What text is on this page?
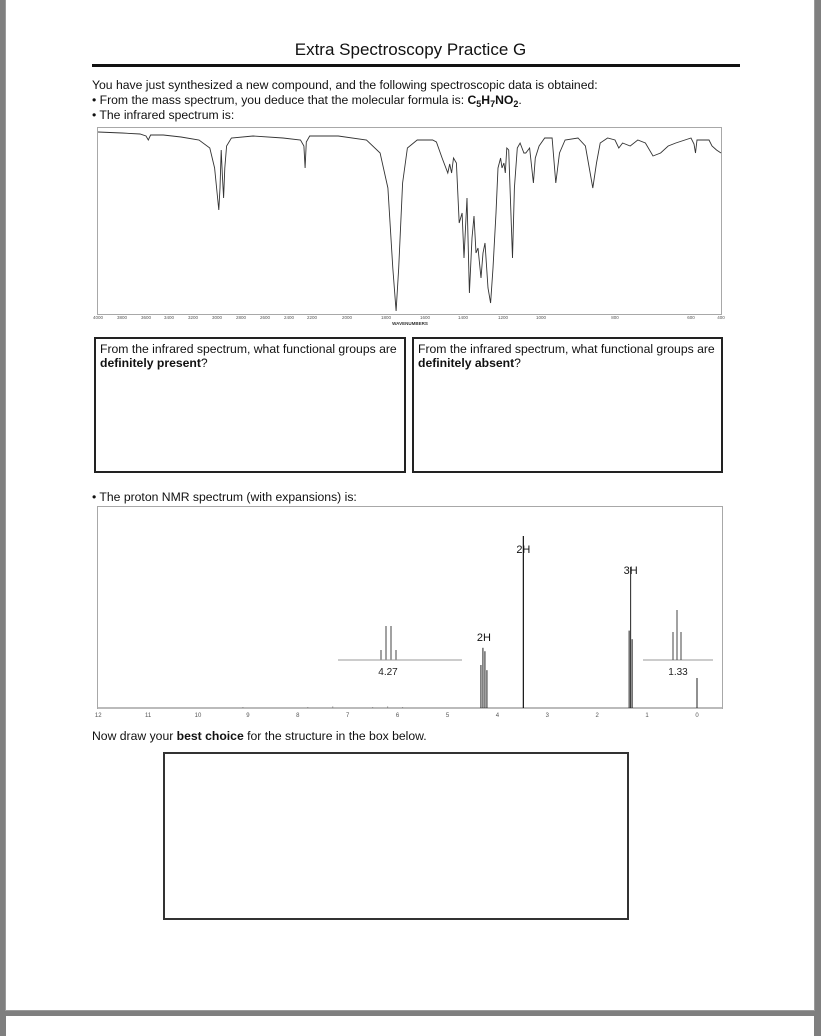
Extra Spectroscopy Practice G
You have just synthesized a new compound, and the following spectroscopic data is obtained:
• From the mass spectrum, you deduce that the molecular formula is: $C_5H_7NO_2$.
• The infrared spectrum is:
4000	3800	3600	3400	3200	3000	2800	2600	2400	2200	2000	1800	1600	1400	1200	1000	800	600	400
WAVENUMBERS
From the infrared spectrum, what functional groups are definitely present?
From the infrared spectrum, what functional groups are definitely absent?
• The proton NMR spectrum (with expansions) is:
12	11	10	9	8	7	6	5	4	3	2	1	0
2H
2H
3H
4.27	1.33
Now draw your best choice for the structure in the box below.
